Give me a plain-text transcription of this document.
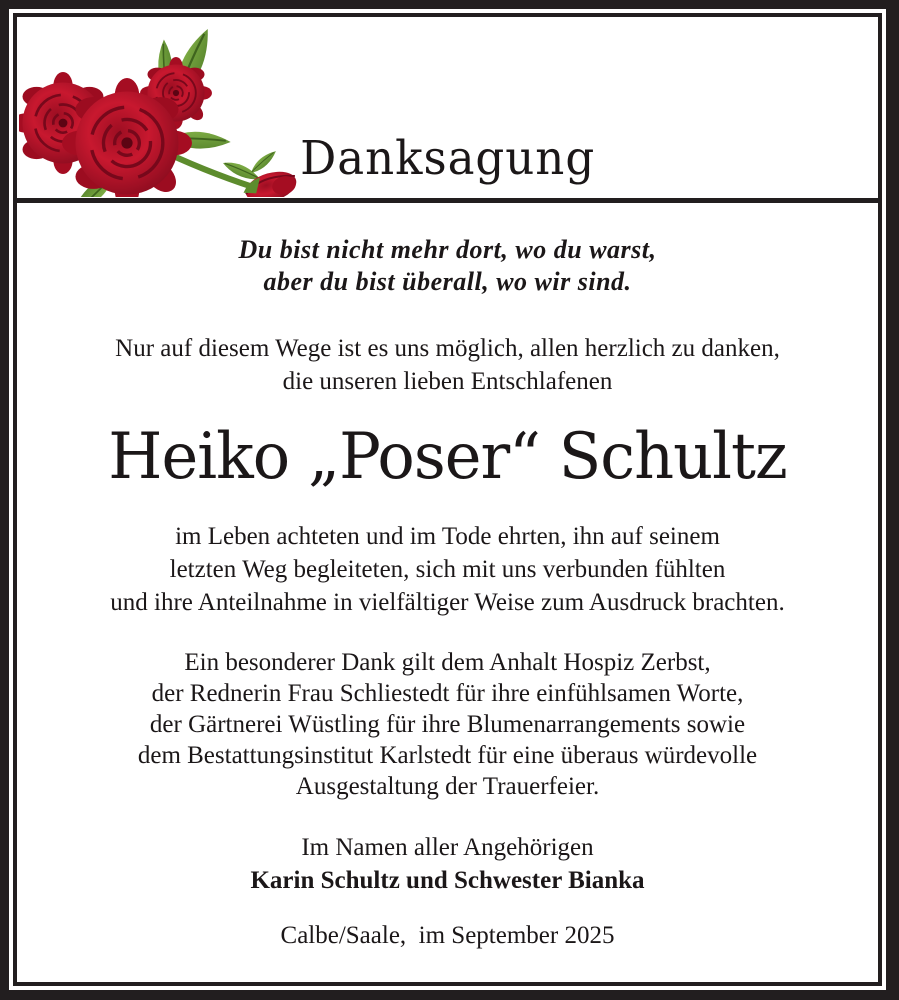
Danksagung
Du bist nicht mehr dort, wo du warst,
aber du bist überall, wo wir sind.
Nur auf diesem Wege ist es uns möglich, allen herzlich zu danken,
die unseren lieben Entschlafenen
Heiko „Poser“ Schultz
im Leben achteten und im Tode ehrten, ihn auf seinem
letzten Weg begleiteten, sich mit uns verbunden fühlten
und ihre Anteilnahme in vielfältiger Weise zum Ausdruck brachten.
Ein besonderer Dank gilt dem Anhalt Hospiz Zerbst,
der Rednerin Frau Schliestedt für ihre einfühlsamen Worte,
der Gärtnerei Wüstling für ihre Blumenarrangements sowie
dem Bestattungsinstitut Karlstedt für eine überaus würdevolle
Ausgestaltung der Trauerfeier.
Im Namen aller Angehörigen
Karin Schultz und Schwester Bianka
Calbe/Saale,  im September 2025
